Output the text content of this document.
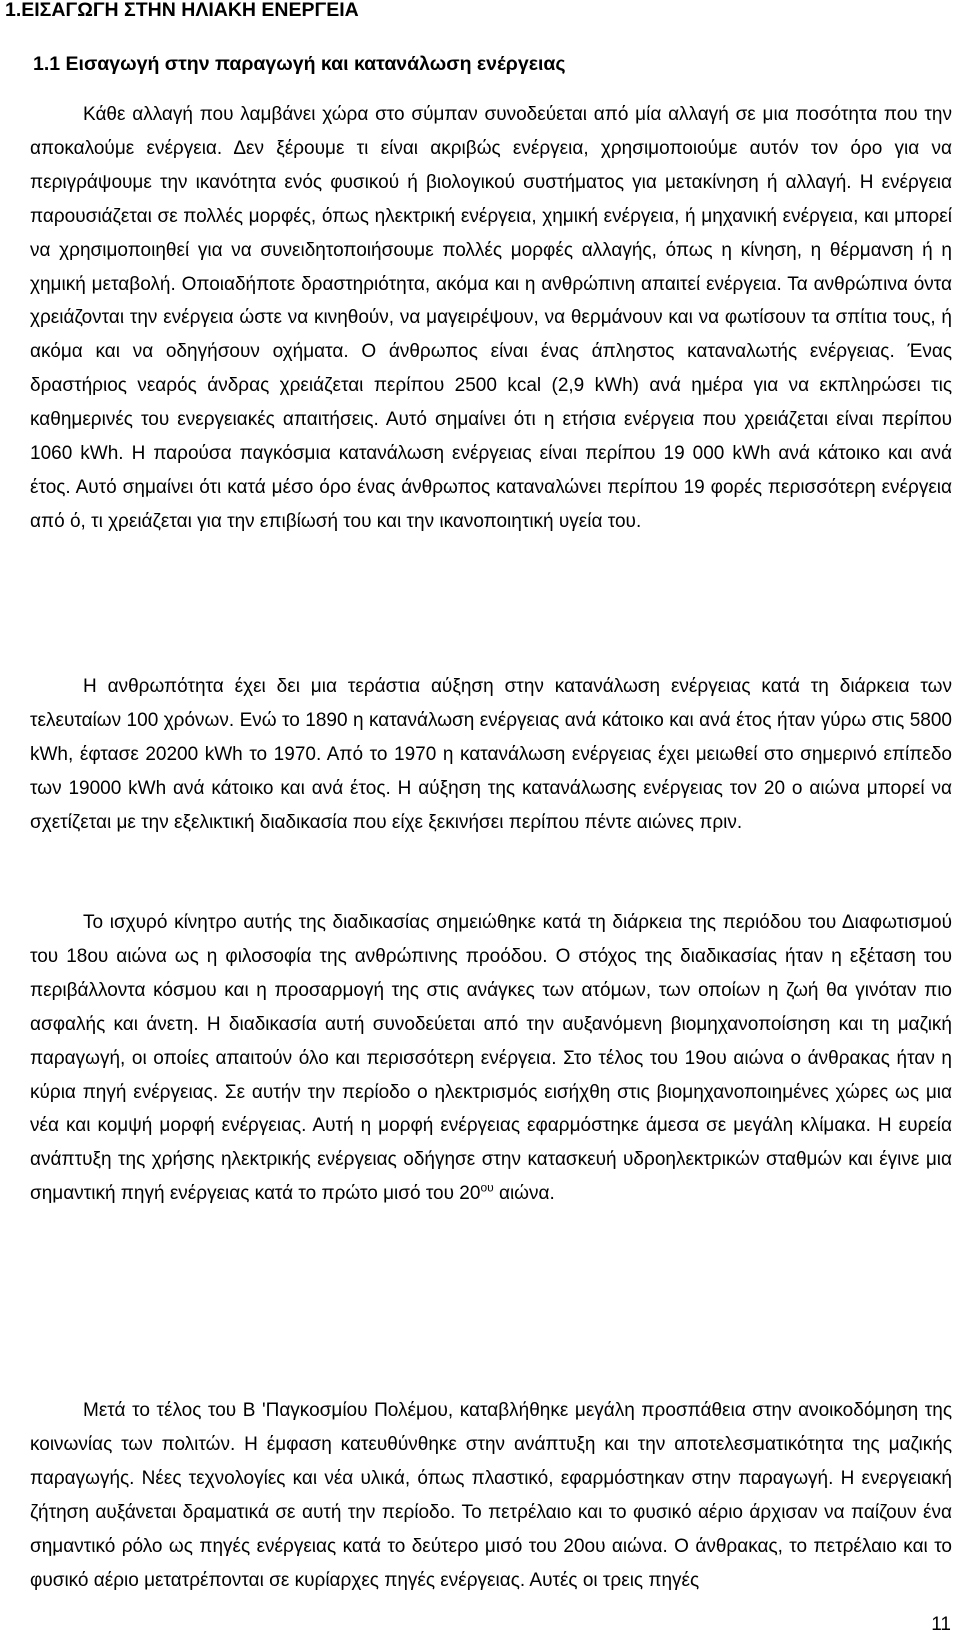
1.ΕΙΣΑΓΩΓΗ ΣΤΗΝ ΗΛΙΑΚΗ ΕΝΕΡΓΕΙΑ
1.1 Εισαγωγή στην παραγωγή και κατανάλωση ενέργειας

Κάθε αλλαγή που λαμβάνει χώρα στο σύμπαν συνοδεύεται από μία αλλαγή σε μια ποσότητα που την αποκαλούμε ενέργεια. Δεν ξέρουμε τι είναι ακριβώς ενέργεια, χρησιμοποιούμε αυτόν τον όρο για να περιγράψουμε την ικανότητα ενός φυσικού ή βιολογικού συστήματος για μετακίνηση ή αλλαγή. Η ενέργεια παρουσιάζεται σε πολλές μορφές, όπως ηλεκτρική ενέργεια, χημική ενέργεια, ή μηχανική ενέργεια, και μπορεί να χρησιμοποιηθεί για να συνειδητοποιήσουμε πολλές μορφές αλλαγής, όπως η κίνηση, η θέρμανση ή η χημική μεταβολή. Οποιαδήποτε δραστηριότητα, ακόμα και η ανθρώπινη απαιτεί ενέργεια. Τα ανθρώπινα όντα χρειάζονται την ενέργεια ώστε να κινηθούν, να μαγειρέψουν, να θερμάνουν και να φωτίσουν τα σπίτια τους, ή ακόμα και να οδηγήσουν οχήματα. Ο άνθρωπος είναι ένας άπληστος καταναλωτής ενέργειας. Ένας δραστήριος νεαρός άνδρας χρειάζεται περίπου 2500 kcal (2,9 kWh) ανά ημέρα για να εκπληρώσει τις καθημερινές του ενεργειακές απαιτήσεις. Αυτό σημαίνει ότι η ετήσια ενέργεια που χρειάζεται είναι περίπου 1060 kWh. Η παρούσα παγκόσμια κατανάλωση ενέργειας είναι περίπου 19 000 kWh ανά κάτοικο και ανά έτος. Αυτό σημαίνει ότι κατά μέσο όρο ένας άνθρωπος καταναλώνει περίπου 19 φορές περισσότερη ενέργεια από ό, τι χρειάζεται για την επιβίωσή του και την ικανοποιητική υγεία του.

Η ανθρωπότητα έχει δει μια τεράστια αύξηση στην κατανάλωση ενέργειας κατά τη διάρκεια των τελευταίων 100 χρόνων. Ενώ το 1890 η κατανάλωση ενέργειας ανά κάτοικο και ανά έτος ήταν γύρω στις 5800 kWh, έφτασε 20200 kWh το 1970. Από το 1970 η κατανάλωση ενέργειας έχει μειωθεί στο σημερινό επίπεδο των 19000 kWh ανά κάτοικο και ανά έτος. Η αύξηση της κατανάλωσης ενέργειας τον 20 ο αιώνα μπορεί να σχετίζεται με την εξελικτική διαδικασία που είχε ξεκινήσει περίπου πέντε αιώνες πριν.

Το ισχυρό κίνητρο αυτής της διαδικασίας σημειώθηκε κατά τη διάρκεια της περιόδου του Διαφωτισμού του 18ου αιώνα ως η φιλοσοφία της ανθρώπινης προόδου. Ο στόχος της διαδικασίας ήταν η εξέταση του περιβάλλοντα κόσμου και η προσαρμογή της στις ανάγκες των ατόμων, των οποίων η ζωή θα γινόταν πιο ασφαλής και άνετη. Η διαδικασία αυτή συνοδεύεται από την αυξανόμενη βιομηχανοποίσηση και τη μαζική παραγωγή, οι οποίες απαιτούν όλο και περισσότερη ενέργεια. Στο τέλος του 19ου αιώνα ο άνθρακας ήταν η κύρια πηγή ενέργειας. Σε αυτήν την περίοδο ο ηλεκτρισμός εισήχθη στις βιομηχανοποιημένες χώρες ως μια νέα και κομψή μορφή ενέργειας. Αυτή η μορφή ενέργειας εφαρμόστηκε άμεσα σε μεγάλη κλίμακα. Η ευρεία ανάπτυξη της χρήσης ηλεκτρικής ενέργειας οδήγησε στην κατασκευή υδροηλεκτρικών σταθμών και έγινε μια σημαντική πηγή ενέργειας κατά το πρώτο μισό του $20^{o\upsilon}$ αιώνα.

Μετά το τέλος του Β 'Παγκοσμίου Πολέμου, καταβλήθηκε μεγάλη προσπάθεια στην ανοικοδόμηση της κοινωνίας των πολιτών. Η έμφαση κατευθύνθηκε στην ανάπτυξη και την αποτελεσματικότητα της μαζικής παραγωγής. Νέες τεχνολογίες και νέα υλικά, όπως πλαστικό, εφαρμόστηκαν στην παραγωγή. Η ενεργειακή ζήτηση αυξάνεται δραματικά σε αυτή την περίοδο. Το πετρέλαιο και το φυσικό αέριο άρχισαν να παίζουν ένα σημαντικό ρόλο ως πηγές ενέργειας κατά το δεύτερο μισό του 20ου αιώνα. Ο άνθρακας, το πετρέλαιο και το φυσικό αέριο μετατρέπονται σε κυρίαρχες πηγές ενέργειας. Αυτές οι τρεις πηγές

11
